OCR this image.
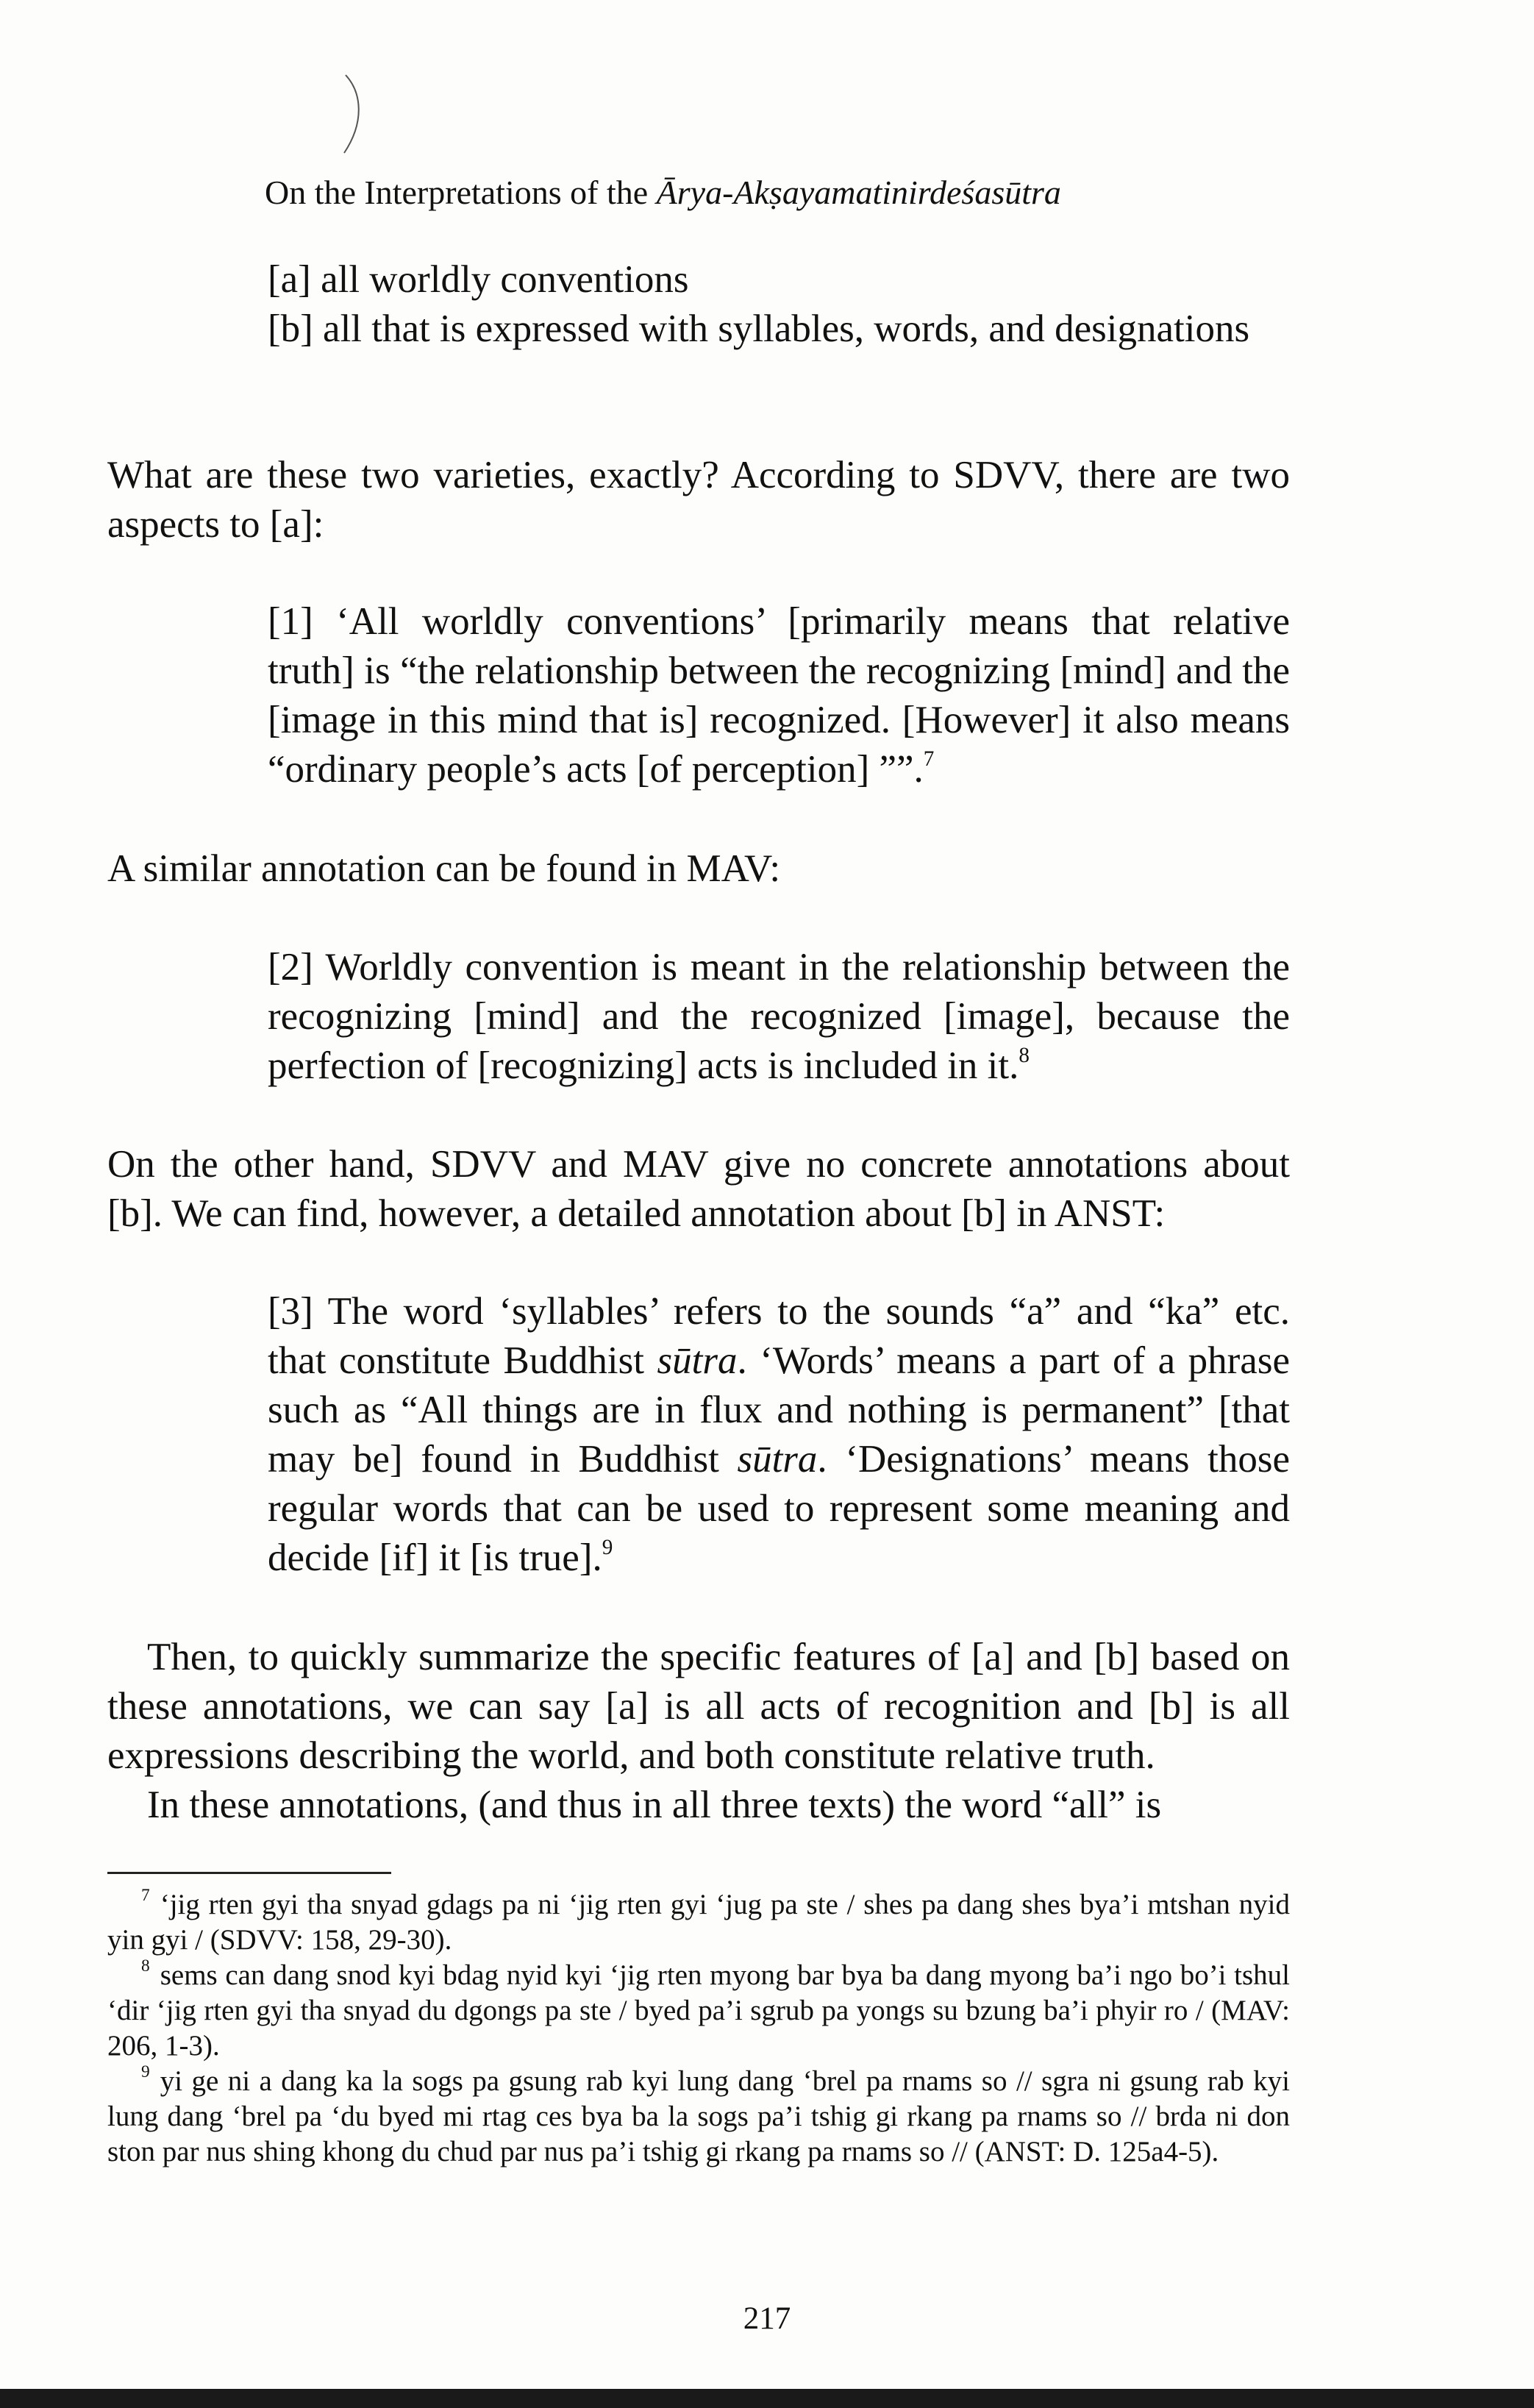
On the Interpretations of the Ārya-Akṣayamatinirdeśasūtra

[a] all worldly conventions

[b] all that is expressed with syllables, words, and designations

What are these two varieties, exactly? According to SDVV, there are two aspects to [a]:

[1] ‘All worldly conventions’ [primarily means that relative truth] is “the relationship between the recognizing [mind] and the [image in this mind that is] recognized. [However] it also means “ordinary people’s acts [of perception] ””.$^7$

A similar annotation can be found in MAV:

[2] Worldly convention is meant in the relationship between the recognizing [mind] and the recognized [image], because the perfection of [recognizing] acts is included in it.$^8$

On the other hand, SDVV and MAV give no concrete annotations about [b]. We can find, however, a detailed annotation about [b] in ANST:

[3] The word ‘syllables’ refers to the sounds “a” and “ka” etc. that constitute Buddhist sūtra. ‘Words’ means a part of a phrase such as “All things are in flux and nothing is permanent” [that may be] found in Buddhist sūtra. ‘Designations’ means those regular words that can be used to represent some meaning and decide [if] it [is true].$^9$

Then, to quickly summarize the specific features of [a] and [b] based on these annotations, we can say [a] is all acts of recognition and [b] is all expressions describing the world, and both constitute relative truth.

In these annotations, (and thus in all three texts) the word “all” is

$^7$ ‘jig rten gyi tha snyad gdags pa ni ‘jig rten gyi ‘jug pa ste / shes pa dang shes bya’i mtshan nyid yin gyi / (SDVV: 158, 29-30).

$^8$ sems can dang snod kyi bdag nyid kyi ‘jig rten myong bar bya ba dang myong ba’i ngo bo’i tshul ‘dir ‘jig rten gyi tha snyad du dgongs pa ste / byed pa’i sgrub pa yongs su bzung ba’i phyir ro / (MAV: 206, 1-3).

$^9$ yi ge ni a dang ka la sogs pa gsung rab kyi lung dang ‘brel pa rnams so // sgra ni gsung rab kyi lung dang ‘brel pa ‘du byed mi rtag ces bya ba la sogs pa’i tshig gi rkang pa rnams so // brda ni don ston par nus shing khong du chud par nus pa’i tshig gi rkang pa rnams so // (ANST: D. 125a4-5).

217
